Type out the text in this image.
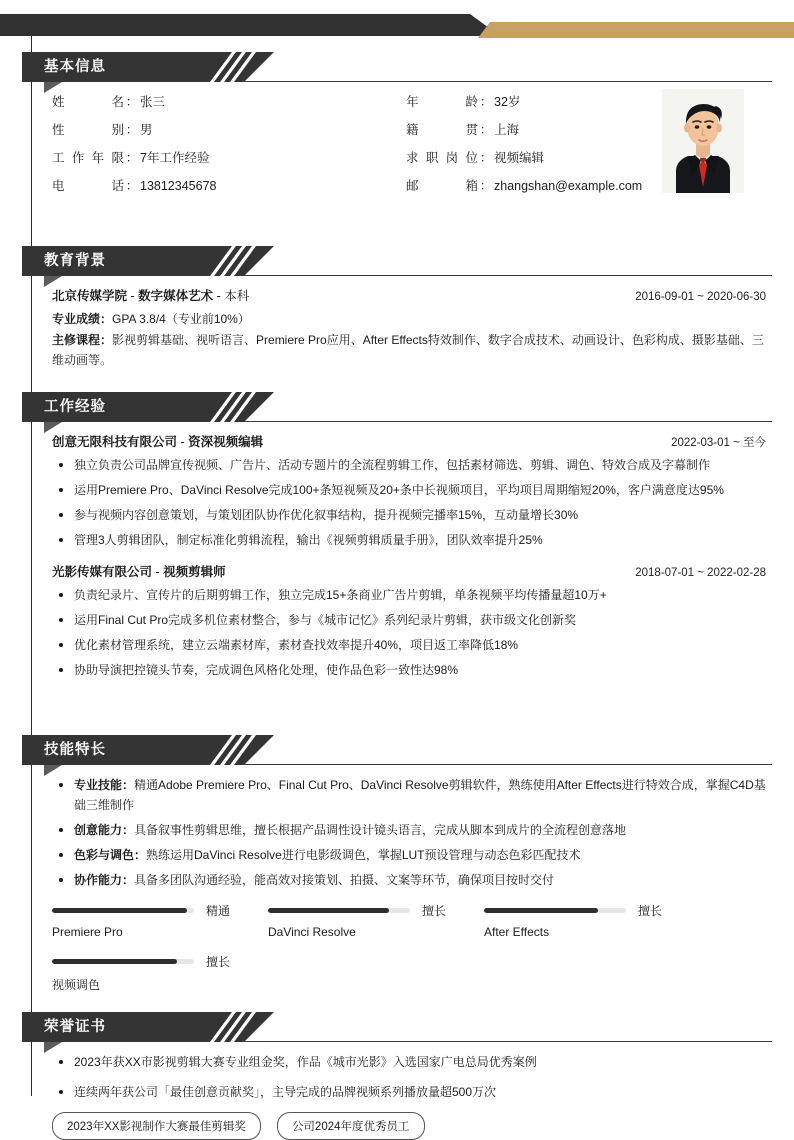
基本信息
姓名 ： 张三
性别 ： 男
工作年限 ： 7年工作经验
电话 ： 13812345678
年龄 ： 32岁
籍贯 ： 上海
求职岗位 ： 视频编辑
邮箱 ： zhangshan@example.com
教育背景
北京传媒学院 - 数字媒体艺术 - 本科	2016-09-01 ~ 2020-06-30
专业成绩：GPA 3.8/4（专业前10%）
主修课程：影视剪辑基础、视听语言、Premiere Pro应用、After Effects特效制作、数字合成技术、动画设计、色彩构成、摄影基础、三维动画等。
工作经验
创意无限科技有限公司 - 资深视频编辑	2022-03-01 ~ 至今
独立负责公司品牌宣传视频、广告片、活动专题片的全流程剪辑工作，包括素材筛选、剪辑、调色、特效合成及字幕制作
运用Premiere Pro、DaVinci Resolve完成100+条短视频及20+条中长视频项目，平均项目周期缩短20%，客户满意度达95%
参与视频内容创意策划，与策划团队协作优化叙事结构，提升视频完播率15%，互动量增长30%
管理3人剪辑团队，制定标准化剪辑流程，输出《视频剪辑质量手册》，团队效率提升25%
光影传媒有限公司 - 视频剪辑师	2018-07-01 ~ 2022-02-28
负责纪录片、宣传片的后期剪辑工作，独立完成15+条商业广告片剪辑，单条视频平均传播量超10万+
运用Final Cut Pro完成多机位素材整合，参与《城市记忆》系列纪录片剪辑，获市级文化创新奖
优化素材管理系统，建立云端素材库，素材查找效率提升40%，项目返工率降低18%
协助导演把控镜头节奏，完成调色风格化处理，使作品色彩一致性达98%
技能特长
专业技能：精通Adobe Premiere Pro、Final Cut Pro、DaVinci Resolve剪辑软件，熟练使用After Effects进行特效合成，掌握C4D基础三维制作
创意能力：具备叙事性剪辑思维，擅长根据产品调性设计镜头语言，完成从脚本到成片的全流程创意落地
色彩与调色：熟练运用DaVinci Resolve进行电影级调色，掌握LUT预设管理与动态色彩匹配技术
协作能力：具备多团队沟通经验，能高效对接策划、拍摄、文案等环节，确保项目按时交付
精通
Premiere Pro
擅长
DaVinci Resolve
擅长
After Effects
擅长
视频调色
荣誉证书
2023年获XX市影视剪辑大赛专业组金奖，作品《城市光影》入选国家广电总局优秀案例
连续两年获公司「最佳创意贡献奖」，主导完成的品牌视频系列播放量超500万次
2023年XX影视制作大赛最佳剪辑奖	公司2024年度优秀员工
